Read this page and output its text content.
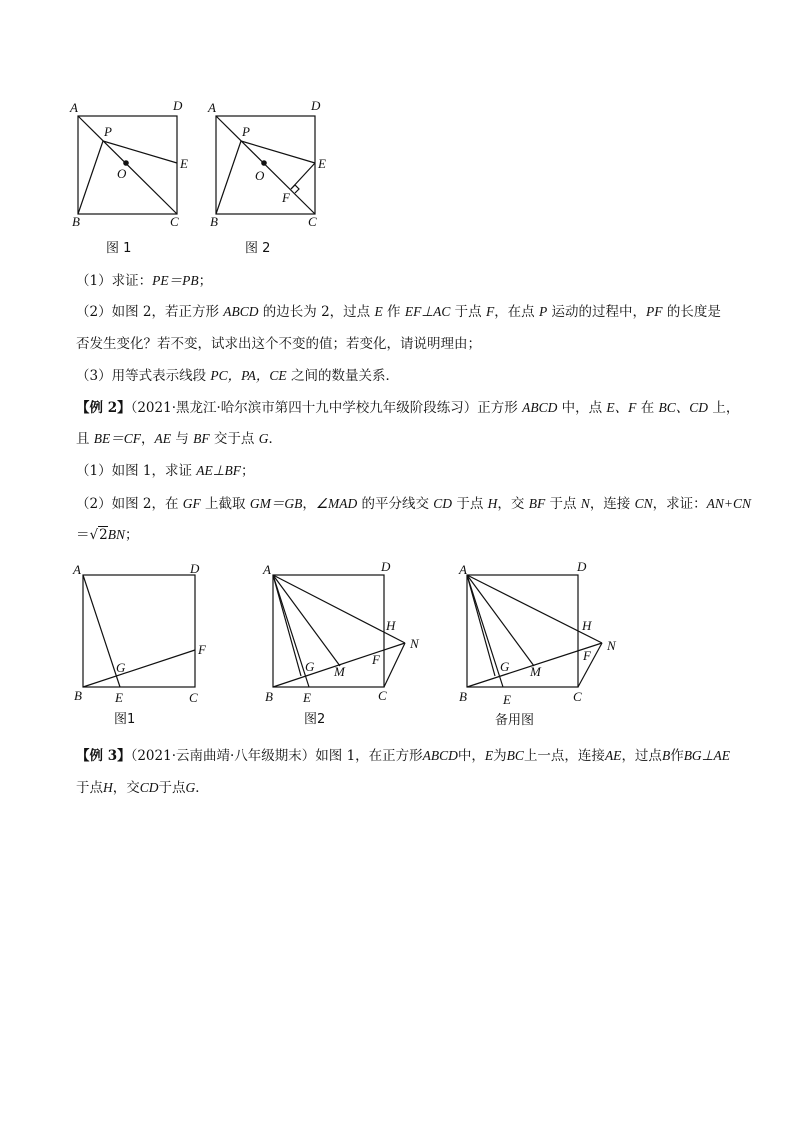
A	D
P
O
E
B	C
图 1
A	D
P
O
E
F
B	C
图 2
（1）求证：PE＝PB；
（2）如图 2，若正方形 ABCD 的边长为 2，过点 E 作 EF⊥AC 于点 F，在点 P 运动的过程中，PF 的长度是
否发生变化？若不变，试求出这个不变的值；若变化，请说明理由；
（3）用等式表示线段 PC，PA，CE 之间的数量关系．
【例 2】（2021·黑龙江·哈尔滨市第四十九中学校九年级阶段练习）正方形 ABCD 中，点 E、F 在 BC、CD 上，
且 BE＝CF，AE 与 BF 交于点 G．
（1）如图 1，求证 AE⊥BF；
（2）如图 2，在 GF 上截取 GM＝GB，∠MAD 的平分线交 CD 于点 H，交 BF 于点 N，连接 CN，求证：AN+CN
＝√2BN；
A	D
F
G
B	E	C
图1
A	D
H
N
F
G M
B E	C
图2
A	D
H
N
F
G M
B	E	C
备用图
【例 3】（2021·云南曲靖·八年级期末）如图 1，在正方形ABCD中，E为BC上一点，连接AE，过点B作BG⊥AE
于点H，交CD于点G．
